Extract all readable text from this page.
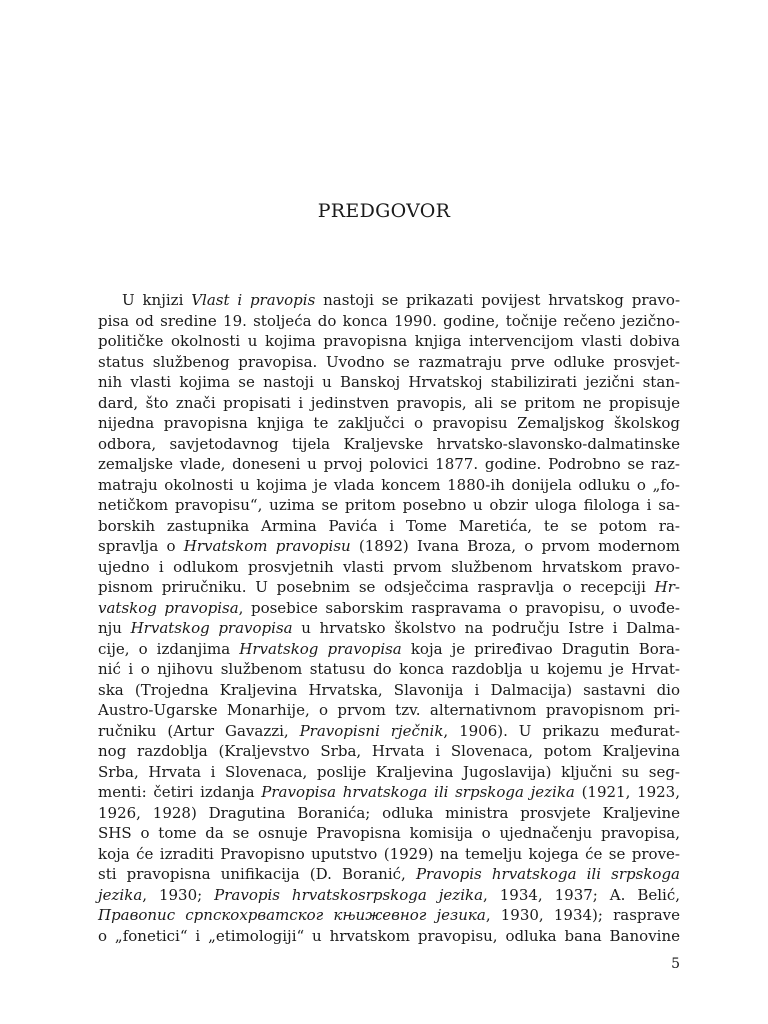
PREDGOVOR
U knjizi Vlast i pravopis nastoji se prikazati povijest hrvatskog pravo-
pisa od sredine 19. stoljeća do konca 1990. godine, točnije rečeno jezično-
političke okolnosti u kojima pravopisna knjiga intervencijom vlasti dobiva
status službenog pravopisa. Uvodno se razmatraju prve odluke prosvjet-
nih vlasti kojima se nastoji u Banskoj Hrvatskoj stabilizirati jezični stan-
dard, što znači propisati i jedinstven pravopis, ali se pritom ne propisuje
nijedna pravopisna knjiga te zaključci o pravopisu Zemaljskog školskog
odbora, savjetodavnog tijela Kraljevske hrvatsko-slavonsko-dalmatinske
zemaljske vlade, doneseni u prvoj polovici 1877. godine. Podrobno se raz-
matraju okolnosti u kojima je vlada koncem 1880-ih donijela odluku o „fo-
netičkom pravopisu“, uzima se pritom posebno u obzir uloga filologa i sa-
borskih zastupnika Armina Pavića i Tome Maretića, te se potom ra-
spravlja o Hrvatskom pravopisu (1892) Ivana Broza, o prvom modernom
ujedno i odlukom prosvjetnih vlasti prvom službenom hrvatskom pravo-
pisnom priručniku. U posebnim se odsječcima raspravlja o recepciji Hr-
vatskog pravopisa, posebice saborskim raspravama o pravopisu, o uvođe-
nju Hrvatskog pravopisa u hrvatsko školstvo na području Istre i Dalma-
cije, o izdanjima Hrvatskog pravopisa koja je priređivao Dragutin Bora-
nić i o njihovu službenom statusu do konca razdoblja u kojemu je Hrvat-
ska (Trojedna Kraljevina Hrvatska, Slavonija i Dalmacija) sastavni dio
Austro-Ugarske Monarhije, o prvom tzv. alternativnom pravopisnom pri-
ručniku (Artur Gavazzi, Pravopisni rječnik, 1906). U prikazu međurat-
nog razdoblja (Kraljevstvo Srba, Hrvata i Slovenaca, potom Kraljevina
Srba, Hrvata i Slovenaca, poslije Kraljevina Jugoslavija) ključni su seg-
menti: četiri izdanja Pravopisa hrvatskoga ili srpskoga jezika (1921, 1923,
1926, 1928) Dragutina Boranića; odluka ministra prosvjete Kraljevine
SHS o tome da se osnuje Pravopisna komisija o ujednačenju pravopisa,
koja će izraditi Pravopisno uputstvo (1929) na temelju kojega će se prove-
sti pravopisna unifikacija (D. Boranić, Pravopis hrvatskoga ili srpskoga
jezika, 1930; Pravopis hrvatskosrpskoga jezika, 1934, 1937; A. Belić,
Правопис српскохрватског књижевног језика, 1930, 1934); rasprave
o „fonetici“ i „etimologiji“ u hrvatskom pravopisu, odluka bana Banovine
5
